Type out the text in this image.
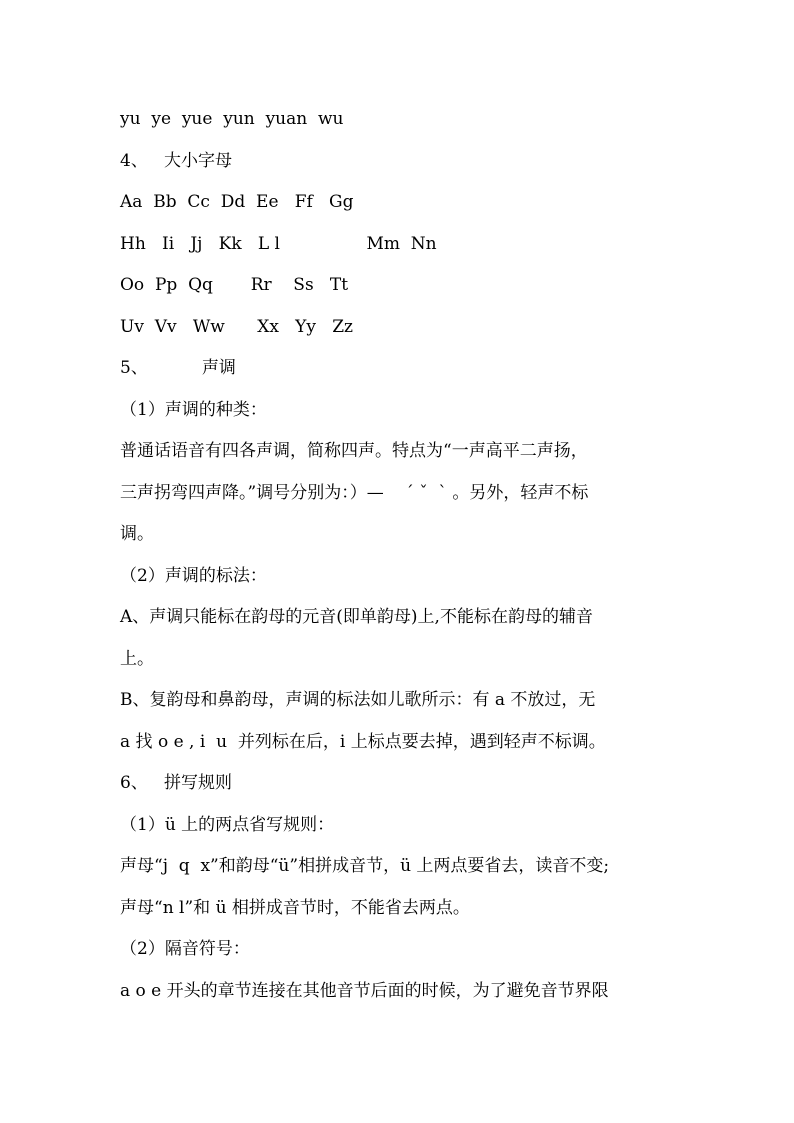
yu  ye  yue  yun  yuan  wu

4、   大小字母

Aa  Bb  Cc  Dd  Ee   Ff   Gg

Hh   Ii   Jj   Kk   L l                Mm  Nn

Oo  Pp  Qq       Rr    Ss   Tt

Uv  Vv   Ww      Xx   Yy   Zz

5、          声调

（1）声调的种类：

普通话语音有四各声调，简称四声。特点为“一声高平二声扬，

三声拐弯四声降。”调号分别为：）—    ˊ ˇ  ˋ 。另外，轻声不标

调。

（2）声调的标法：

A、声调只能标在韵母的元音(即单韵母)上,不能标在韵母的辅音

上。

B、复韵母和鼻韵母，声调的标法如儿歌所示：有 a 不放过，无

a 找 o e , i  u  并列标在后，i 上标点要去掉，遇到轻声不标调。

6、   拼写规则

（1）ü 上的两点省写规则：

声母“j  q  x”和韵母“ü”相拼成音节，ü 上两点要省去，读音不变;

声母“n l”和 ü 相拼成音节时，不能省去两点。

（2）隔音符号：

a o e 开头的章节连接在其他音节后面的时候，为了避免音节界限
